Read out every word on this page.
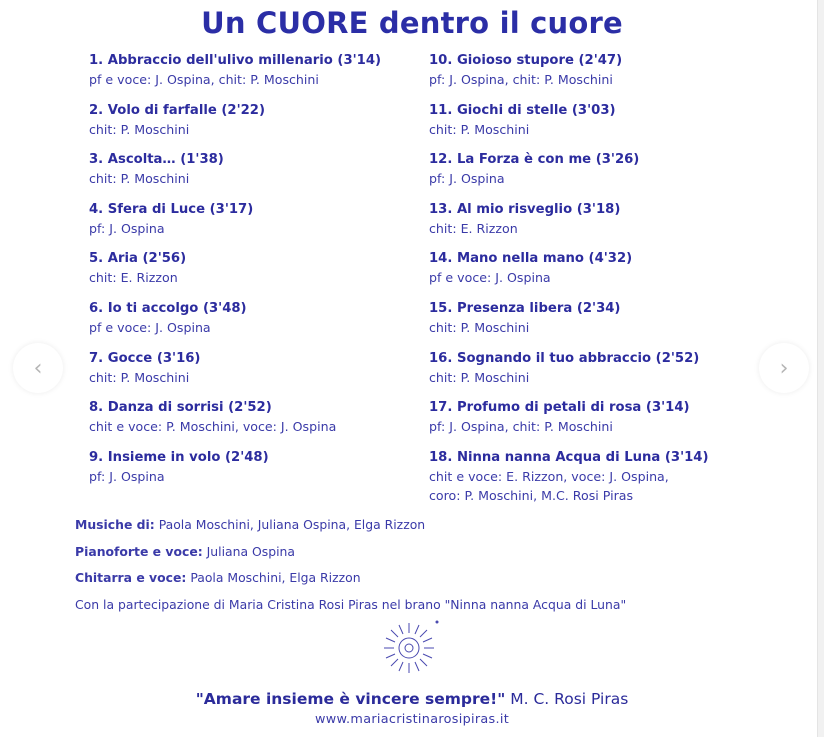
Un CUORE dentro il cuore
1. Abbraccio dell'ulivo millenario (3'14)
pf e voce: J. Ospina, chit: P. Moschini
2. Volo di farfalle (2'22)
chit: P. Moschini
3. Ascolta… (1'38)
chit: P. Moschini
4. Sfera di Luce (3'17)
pf: J. Ospina
5. Aria (2'56)
chit: E. Rizzon
6. Io ti accolgo (3'48)
pf e voce: J. Ospina
7. Gocce (3'16)
chit: P. Moschini
8. Danza di sorrisi (2'52)
chit e voce: P. Moschini, voce: J. Ospina
9. Insieme in volo (2'48)
pf: J. Ospina
10. Gioioso stupore (2'47)
pf: J. Ospina, chit: P. Moschini
11. Giochi di stelle (3'03)
chit: P. Moschini
12. La Forza è con me (3'26)
pf: J. Ospina
13. Al mio risveglio (3'18)
chit: E. Rizzon
14. Mano nella mano (4'32)
pf e voce: J. Ospina
15. Presenza libera (2'34)
chit: P. Moschini
16. Sognando il tuo abbraccio (2'52)
chit: P. Moschini
17. Profumo di petali di rosa (3'14)
pf: J. Ospina, chit: P. Moschini
18. Ninna nanna Acqua di Luna (3'14)
chit e voce: E. Rizzon, voce: J. Ospina,
coro: P. Moschini, M.C. Rosi Piras
Musiche di: Paola Moschini, Juliana Ospina, Elga Rizzon
Pianoforte e voce: Juliana Ospina
Chitarra e voce: Paola Moschini, Elga Rizzon
Con la partecipazione di Maria Cristina Rosi Piras nel brano "Ninna nanna Acqua di Luna"
‹	›
"Amare insieme è vincere sempre!" M. C. Rosi Piras
www.mariacristinarosipiras.it
